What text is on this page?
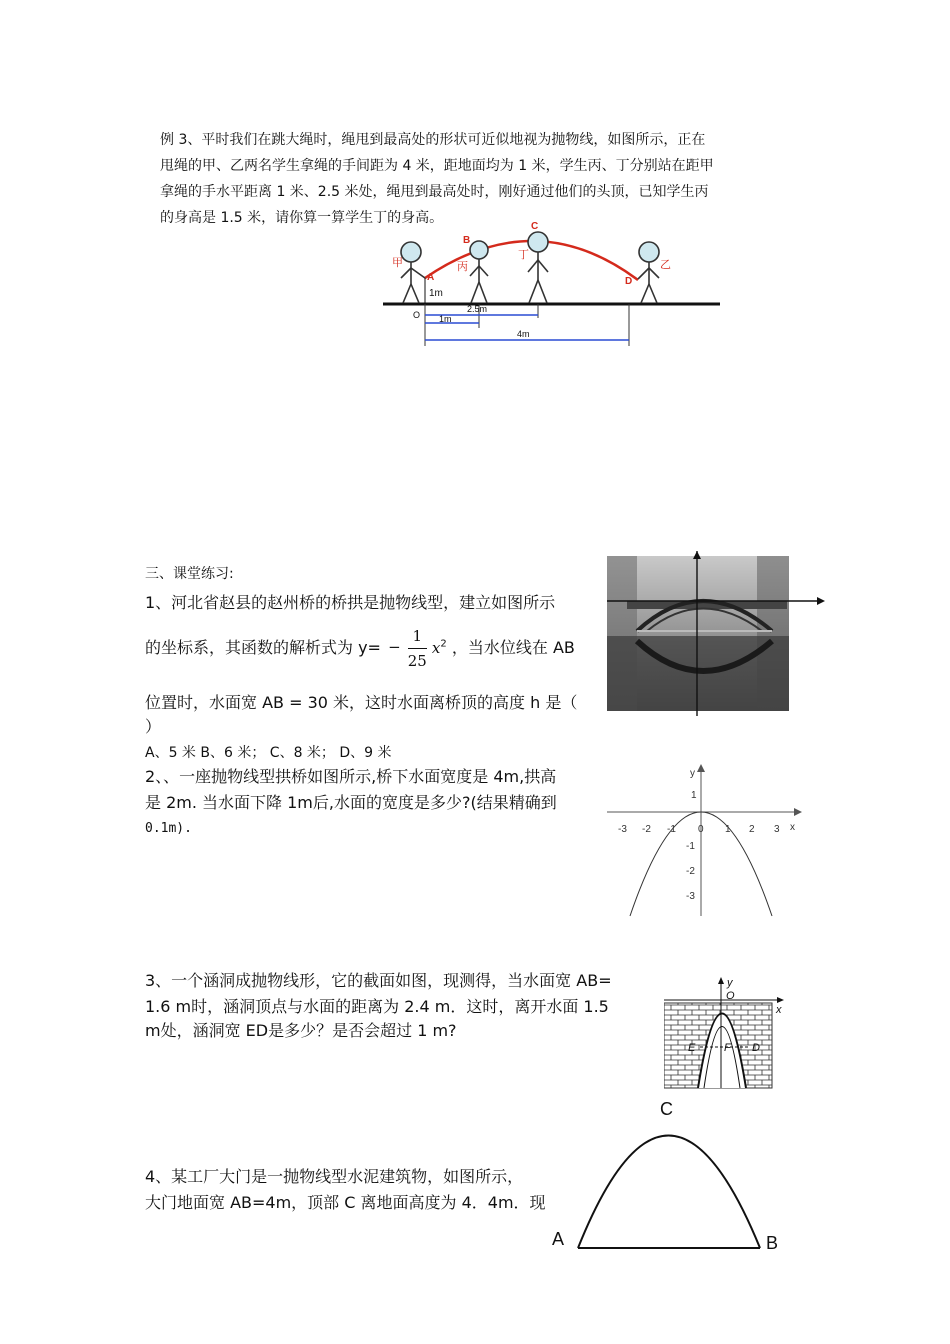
例 3、平时我们在跳大绳时，绳甩到最高处的形状可近似地视为抛物线，如图所示，正在
甩绳的甲、乙两名学生拿绳的手间距为 4 米，距地面均为 1 米，学生丙、丁分别站在距甲
拿绳的手水平距离 1 米、2.5 米处，绳甩到最高处时，刚好通过他们的头顶，已知学生丙
的身高是 1.5 米，请你算一算学生丁的身高。
1m
A
B
C
D
O
甲	丙
丁
乙
2.5m
1m
4m
三、课堂练习:
1、河北省赵县的赵州桥的桥拱是抛物线型，建立如图所示
的坐标系，其函数的解析式为 $y= - \frac{1}{25} x^2$ ，当水位线在 AB
位置时，水面宽 AB = 30 米，这时水面离桥顶的高度 h 是（
）
A、5 米 B、6 米； C、8 米； D、9 米
2、、一座抛物线型拱桥如图所示,桥下水面宽度是 4m,拱高
是 2m. 当水面下降 1m后,水面的宽度是多少?(结果精确到
0.1m).
y
x
0
-3 -2 -1	1 2 3
1
-1
-2
-3
3、一个涵洞成抛物线形，它的截面如图，现测得，当水面宽 AB=
1.6 m时，涵洞顶点与水面的距离为 2.4 m．这时，离开水面 1.5
m处，涵洞宽 ED是多少？是否会超过 1 m?
y
x
O
E	F D
4、某工厂大门是一抛物线型水泥建筑物，如图所示，
大门地面宽 AB=4m，顶部 C 离地面高度为 4．4m．现
C
A	B
